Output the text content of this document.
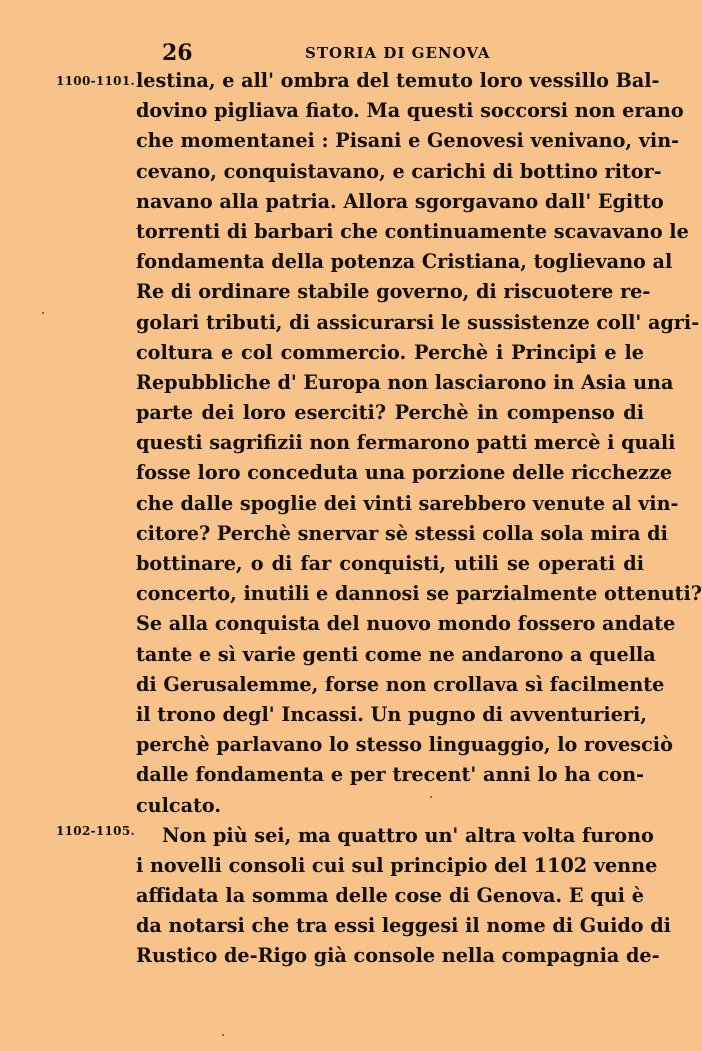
26	STORIA DI GENOVA
1100-1101.
1102-1105.
lestina, e all' ombra del temuto loro vessillo Bal-
dovino pigliava fiato. Ma questi soccorsi non erano
che momentanei : Pisani e Genovesi venivano, vin-
cevano, conquistavano, e carichi di bottino ritor-
navano alla patria. Allora sgorgavano dall' Egitto
torrenti di barbari che continuamente scavavano le
fondamenta della potenza Cristiana, toglievano al
Re di ordinare stabile governo, di riscuotere re-
golari tributi, di assicurarsi le sussistenze coll' agri-
coltura e col commercio. Perchè i Principi e le
Repubbliche d' Europa non lasciarono in Asia una
parte dei loro eserciti? Perchè in compenso di
questi sagrifizii non fermarono patti mercè i quali
fosse loro conceduta una porzione delle ricchezze
che dalle spoglie dei vinti sarebbero venute al vin-
citore? Perchè snervar sè stessi colla sola mira di
bottinare, o di far conquisti, utili se operati di
concerto, inutili e dannosi se parzialmente ottenuti?
Se alla conquista del nuovo mondo fossero andate
tante e sì varie genti come ne andarono a quella
di Gerusalemme, forse non crollava sì facilmente
il trono degl' Incassi. Un pugno di avventurieri,
perchè parlavano lo stesso linguaggio, lo rovesciò
dalle fondamenta e per trecent' anni lo ha con-
culcato.
Non più sei, ma quattro un' altra volta furono
i novelli consoli cui sul principio del 1102 venne
affidata la somma delle cose di Genova. E qui è
da notarsi che tra essi leggesi il nome di Guido di
Rustico de-Rigo già console nella compagnia de-
